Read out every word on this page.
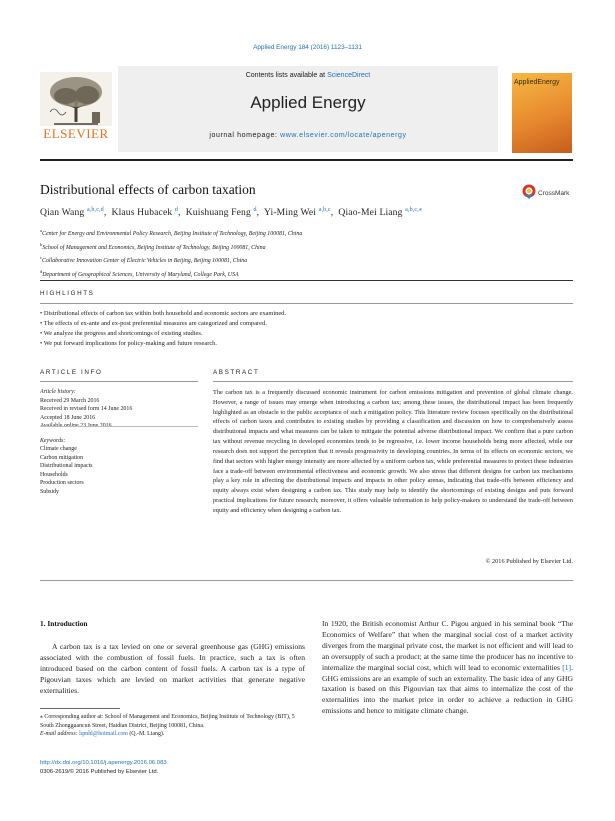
Applied Energy 184 (2016) 1123–1131
ELSEVIER
Contents lists available at ScienceDirect
Applied Energy
journal homepage: www.elsevier.com/locate/apenergy
AppliedEnergy
Distributional effects of carbon taxation	CrossMark
Qian Wang $^{a,b,c,d}$,  Klaus Hubacek $^d$,  Kuishuang Feng $^d$,  Yi-Ming Wei $^{a,b,c}$,  Qiao-Mei Liang $^{a,b,c,⁎}$
$^a$Center for Energy and Environmental Policy Research, Beijing Institute of Technology, Beijing 100081, China
$^b$School of Management and Economics, Beijing Institute of Technology, Beijing 100081, China
$^c$Collaborative Innovation Center of Electric Vehicles in Beijing, Beijing 100081, China
$^d$Department of Geographical Sciences, University of Maryland, College Park, USA
HIGHLIGHTS
• Distributional effects of carbon tax within both household and economic sectors are examined.
• The effects of ex-ante and ex-post preferential measures are categorized and compared.
• We analyze the progress and shortcomings of existing studies.
• We put forward implications for policy-making and future research.
ARTICLE INFO	ABSTRACT
Article history:
Received 29 March 2016
Received in revised form 14 June 2016
Accepted 18 June 2016
Available online 23 June 2016
Keywords:
Climate change
Carbon mitigation
Distributional impacts
Households
Production sectors
Subsidy
The carbon tax is a frequently discussed economic instrument for carbon emissions mitigation and prevention of global climate change. However, a range of issues may emerge when introducing a carbon tax; among these issues, the distributional impact has been frequently highlighted as an obstacle to the public acceptance of such a mitigation policy. This literature review focuses specifically on the distributional effects of carbon taxes and contributes to existing studies by providing a classification and discussion on how to comprehensively assess distributional impacts and what measures can be taken to mitigate the potential adverse distributional impact. We confirm that a pure carbon tax without revenue recycling in developed economies tends to be regressive, i.e. lower income households being more affected, while our research does not support the perception that it reveals progressivity in developing countries. In terms of its effects on economic sectors, we find that sectors with higher energy intensity are more affected by a uniform carbon tax, while preferential measures to protect these industries face a trade-off between environmental effectiveness and economic growth. We also stress that different designs for carbon tax mechanisms play a key role in affecting the distributional impacts and impacts in other policy arenas, indicating that trade-offs between efficiency and equity always exist when designing a carbon tax. This study may help to identify the shortcomings of existing designs and puts forward practical implications for future research; moreover, it offers valuable information to help policy-makers to understand the trade-off between equity and efficiency when designing a carbon tax.
© 2016 Published by Elsevier Ltd.
1. Introduction

A carbon tax is a tax levied on one or several greenhouse gas (GHG) emissions associated with the combustion of fossil fuels. In practice, such a tax is often introduced based on the carbon content of fossil fuels. A carbon tax is a type of Pigouvian taxes which are levied on market activities that generate negative externalities.

In 1920, the British economist Arthur C. Pigou argued in his seminal book “The Economics of Welfare” that when the marginal social cost of a market activity diverges from the marginal private cost, the market is not efficient and will lead to an oversupply of such a product; at the same time the producer has no incentive to internalize the marginal social cost, which will lead to economic externalities [1]. GHG emissions are an example of such an externality. The basic idea of any GHG taxation is based on this Pigouvian tax that aims to internalize the cost of the externalities into the market price in order to achieve a reduction in GHG emissions and hence to mitigate climate change.

⁎ Corresponding author at: School of Management and Economics, Beijing Institute of Technology (BIT), 5 South Zhongguancun Street, Haidian District, Beijing 100081, China.
E-mail address: lqmhl@hotmail.com (Q.-M. Liang).
http://dx.doi.org/10.1016/j.apenergy.2016.06.083
0306-2619/© 2016 Published by Elsevier Ltd.
